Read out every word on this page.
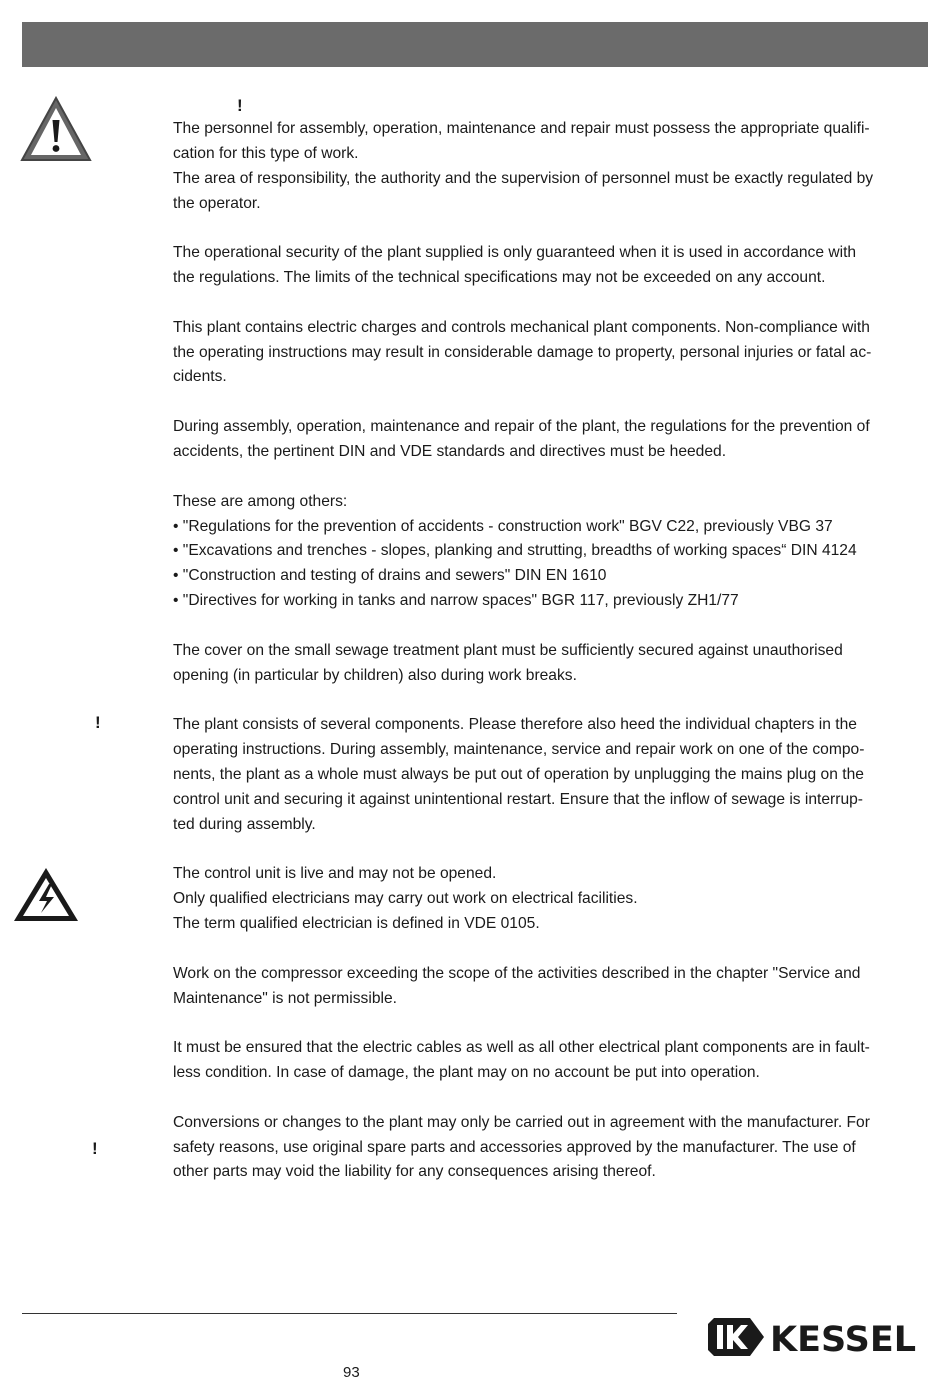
!
!
!

The personnel for assembly, operation, maintenance and repair must possess the appropriate qualifi-
cation for this type of work.
The area of responsibility, the authority and the supervision of personnel must be exactly regulated by
the operator.

The operational security of the plant supplied is only guaranteed when it is used in accordance with
the regulations. The limits of the technical specifications may not be exceeded on any account.

This plant contains electric charges and controls mechanical plant components. Non-compliance with
the operating instructions may result in considerable damage to property, personal injuries or fatal ac-
cidents.

During assembly, operation, maintenance and repair of the plant, the regulations for the prevention of
accidents, the pertinent DIN and VDE standards and directives must be heeded.

These are among others:
• "Regulations for the prevention of accidents - construction work" BGV C22, previously VBG 37
• "Excavations and trenches - slopes, planking and strutting, breadths of working spaces“ DIN 4124
• "Construction and testing of drains and sewers" DIN EN 1610
• "Directives for working in tanks and narrow spaces" BGR 117, previously ZH1/77

The cover on the small sewage treatment plant must be sufficiently secured against unauthorised
opening (in particular by children) also during work breaks.

The plant consists of several components. Please therefore also heed the individual chapters in the
operating instructions. During assembly, maintenance, service and repair work on one of the compo-
nents, the plant as a whole must always be put out of operation by unplugging the mains plug on the
control unit and securing it against unintentional restart. Ensure that the inflow of sewage is interrup-
ted during assembly.

The control unit is live and may not be opened.
Only qualified electricians may carry out work on electrical facilities.
The term qualified electrician is defined in VDE 0105.

Work on the compressor exceeding the scope of the activities described in the chapter "Service and
Maintenance" is not permissible.

It must be ensured that the electric cables as well as all other electrical plant components are in fault-
less condition. In case of damage, the plant may on no account be put into operation.

Conversions or changes to the plant may only be carried out in agreement with the manufacturer. For
safety reasons, use original spare parts and accessories approved by the manufacturer. The use of
other parts may void the liability for any consequences arising thereof.

KESSEL
93
